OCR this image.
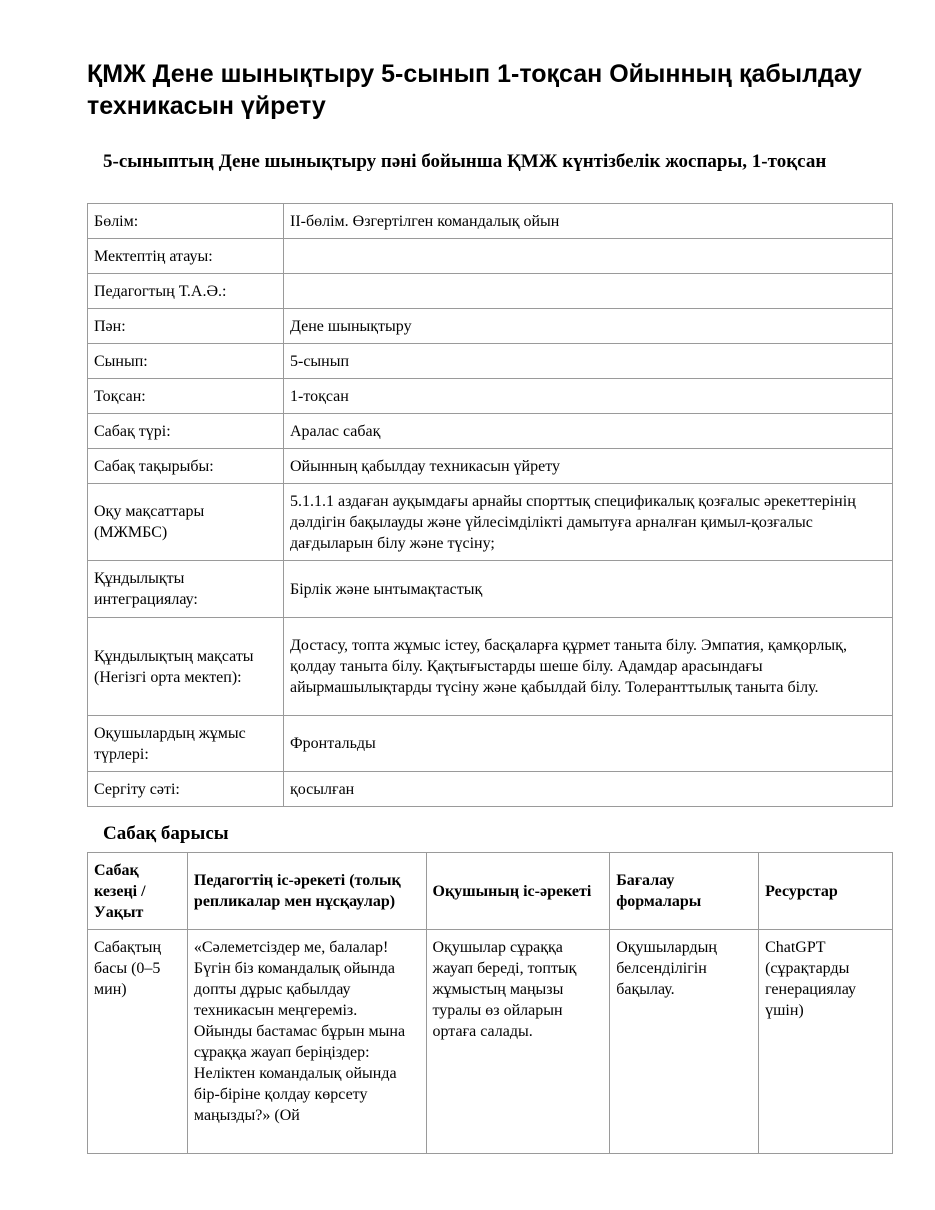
ҚМЖ Дене шынықтыру 5-сынып 1-тоқсан Ойынның қабылдау техникасын үйрету
5-сыныптың Дене шынықтыру пәні бойынша ҚМЖ күнтізбелік жоспары, 1-тоқсан
Бөлім:	II-бөлім. Өзгертілген командалық ойын
Мектептің атауы:	
Педагогтың Т.А.Ә.:	
Пән:	Дене шынықтыру
Сынып:	5-сынып
Тоқсан:	1-тоқсан
Сабақ түрі:	Аралас сабақ
Сабақ тақырыбы:	Ойынның қабылдау техникасын үйрету
Оқу мақсаттары (МЖМБС)	5.1.1.1 аздаған ауқымдағы арнайы спорттық спецификалық қозғалыс әрекеттерінің дәлдігін бақылауды және үйлесімділікті дамытуға арналған қимыл-қозғалыс дағдыларын білу және түсіну;
Құндылықты интеграциялау:	Бірлік және ынтымақтастық
Құндылықтың мақсаты (Негізгі орта мектеп):	Достасу, топта жұмыс істеу, басқаларға құрмет таныта білу. Эмпатия, қамқорлық, қолдау таныта білу. Қақтығыстарды шеше білу. Адамдар арасындағы айырмашылықтарды түсіну және қабылдай білу. Толеранттылық таныта білу.
Оқушылардың жұмыс түрлері:	Фронтальды
Сергіту сәті:	қосылған
Сабақ барысы
Сабақ кезеңі / Уақыт	Педагогтің іс-әрекеті (толық репликалар мен нұсқаулар)	Оқушының іс-әрекеті	Бағалау формалары	Ресурстар
Сабақтың басы (0–5 мин)	«Сәлеметсіздер ме, балалар! Бүгін біз командалық ойында допты дұрыс қабылдау техникасын меңгереміз. Ойынды бастамас бұрын мына сұраққа жауап беріңіздер: Неліктен командалық ойында бір-біріне қолдау көрсету маңызды?» (Ой	Оқушылар сұраққа жауап береді, топтық жұмыстың маңызы туралы өз ойларын ортаға салады.	Оқушылардың белсенділігін бақылау.	ChatGPT (сұрақтарды генерациялау үшін)
